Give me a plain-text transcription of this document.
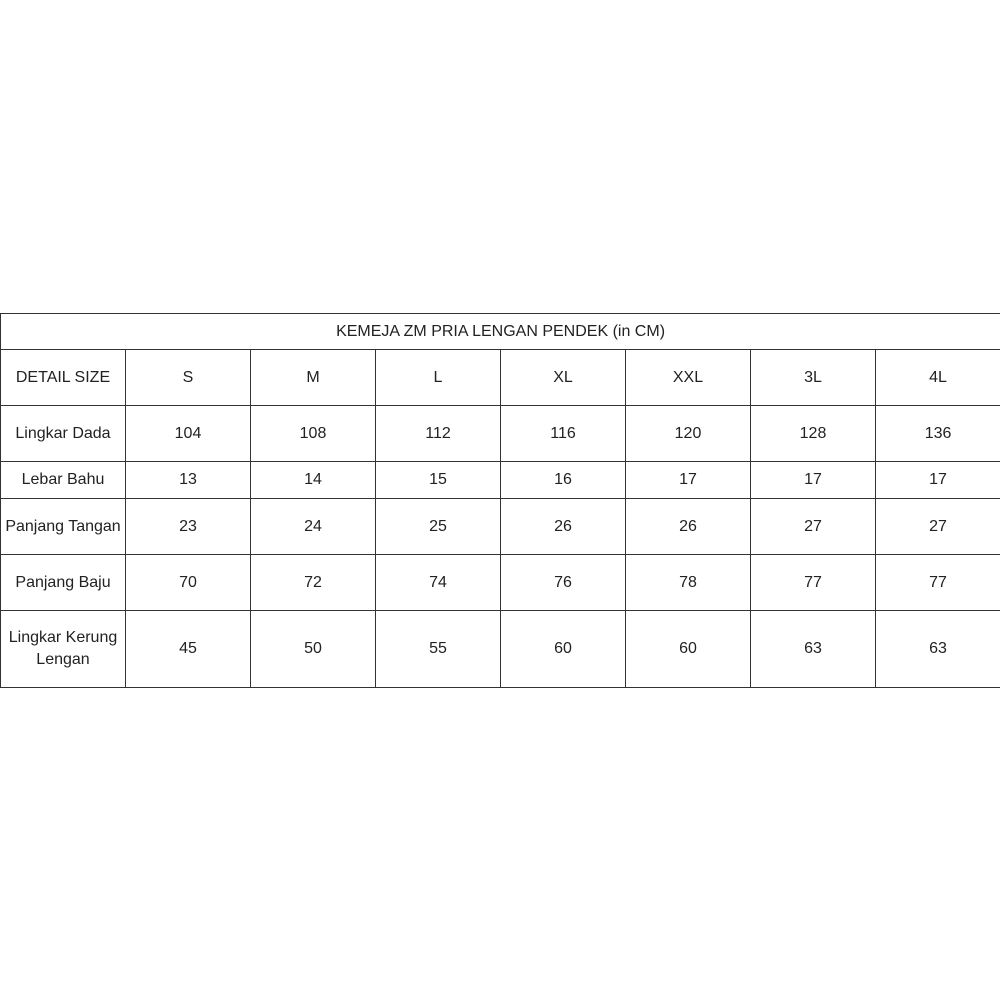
KEMEJA ZM PRIA LENGAN PENDEK (in CM)							
DETAIL SIZE	S	M	L	XL	XXL	3L	4L
Lingkar Dada	104	108	112	116	120	128	136
Lebar Bahu	13	14	15	16	17	17	17
Panjang Tangan	23	24	25	26	26	27	27
Panjang Baju	70	72	74	76	78	77	77
Lingkar Kerung Lengan	45	50	55	60	60	63	63
